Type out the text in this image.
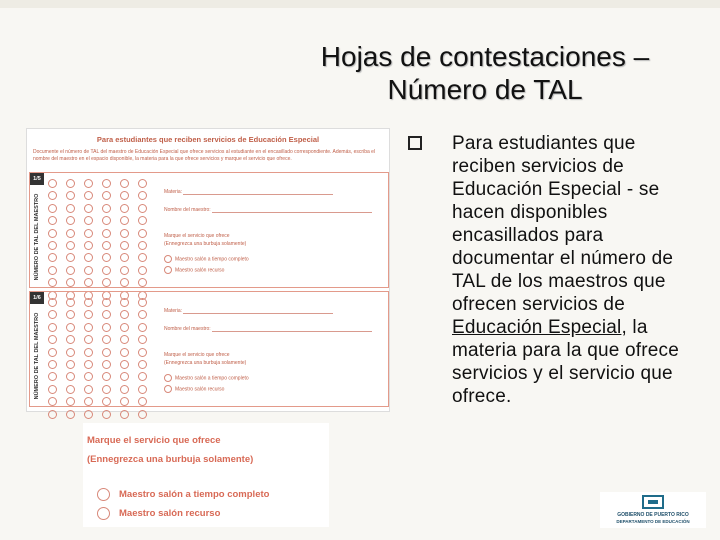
Hojas de contestaciones –
Número de TAL
Para estudiantes que reciben servicios de Educación Especial
Documente el número de TAL del maestro de Educación Especial que ofrece servicios al estudiante en el encasillado correspondiente. Además, escriba el nombre del maestro en el espacio disponible, la materia para la que ofrece servicios y marque el servicio que ofrece.
1/5
NÚMERO DE TAL DEL MAESTRO
Materia:
Nombre del maestro:
Marque el servicio que ofrece
(Ennegrezca una burbuja solamente)
Maestro salón a tiempo completo
Maestro salón recurso
1/6
NÚMERO DE TAL DEL MAESTRO
Materia:
Nombre del maestro:
Marque el servicio que ofrece
(Ennegrezca una burbuja solamente)
Maestro salón a tiempo completo
Maestro salón recurso
Marque el servicio que ofrece
(Ennegrezca una burbuja solamente)
Maestro salón a tiempo completo
Maestro salón recurso
Para estudiantes que reciben servicios de Educación Especial - se hacen disponibles encasillados para documentar el número de TAL de los maestros que ofrecen servicios de Educación Especial, la materia para la que ofrece servicios y el servicio que ofrece.
GOBIERNO DE PUERTO RICO
DEPARTAMENTO DE EDUCACIÓN
